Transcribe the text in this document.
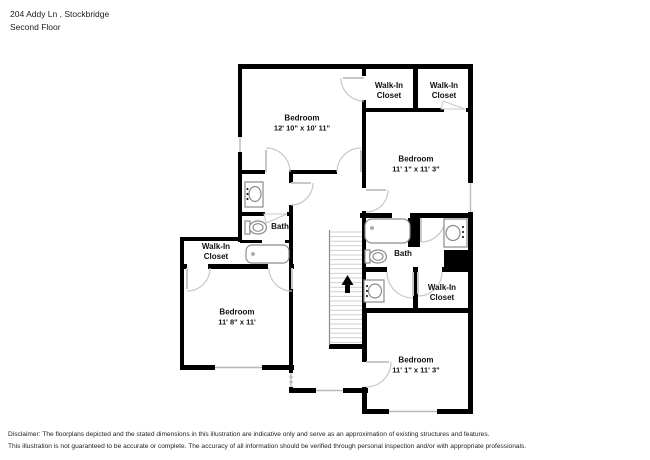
204 Addy Ln , Stockbridge
Second Floor
Walk-In Closet
Walk-In Closet
Bedroom
12' 10" x 10' 11"
Bedroom
11' 1" x 11' 3"
Bath
Walk-In Closet
Bedroom
11' 8" x 11'
Bath
Walk-In Closet
Bedroom
11' 1" x 11' 3"
Disclaimer: The floorplans depicted and the stated dimensions in this illustration are indicative only and serve as an approximation of existing structures and features.
This illustration is not guaranteed to be accurate or complete. The accuracy of all information should be verified through personal inspection and/or with appropriate professionals.
